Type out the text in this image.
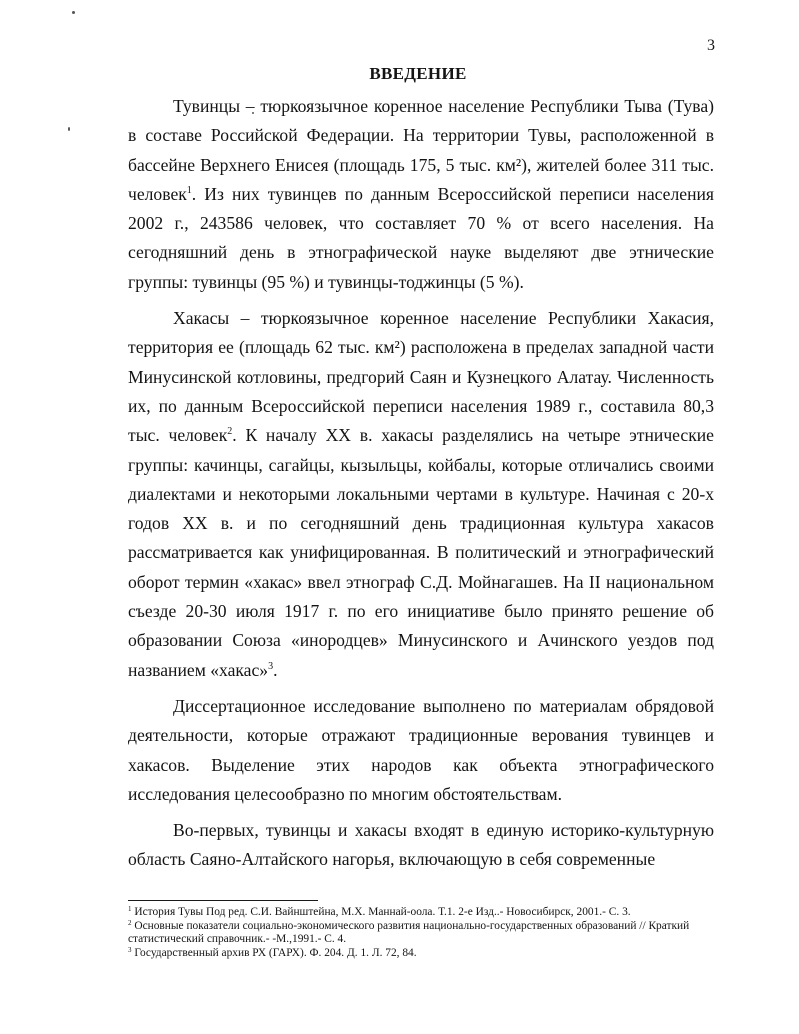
3
ВВЕДЕНИЕ

Тувинцы – тюркоязычное коренное население Республики Тыва (Тува) в составе Российской Федерации. На территории Тувы, расположенной в бассейне Верхнего Енисея (площадь 175, 5 тыс. км²), жителей более 311 тыс. человек$^1$. Из них тувинцев по данным Всероссийской переписи населения 2002 г., 243586 человек, что составляет 70 % от всего населения. На сегодняшний день в этнографической науке выделяют две этнические группы: тувинцы (95 %) и тувинцы-тоджинцы (5 %).

Хакасы – тюркоязычное коренное население Республики Хакасия, территория ее (площадь 62 тыс. км²) расположена в пределах западной части Минусинской котловины, предгорий Саян и Кузнецкого Алатау. Численность их, по данным Всероссийской переписи населения 1989 г., составила 80,3 тыс. человек$^2$. К началу XX в. хакасы разделялись на четыре этнические группы: качинцы, сагайцы, кызыльцы, койбалы, которые отличались своими диалектами и некоторыми локальными чертами в культуре. Начиная с 20-х годов XX в. и по сегодняшний день традиционная культура хакасов рассматривается как унифицированная. В политический и этнографический оборот термин «хакас» ввел этнограф С.Д. Мойнагашев. На II национальном съезде 20-30 июля 1917 г. по его инициативе было принято решение об образовании Союза «инородцев» Минусинского и Ачинского уездов под названием «хакас»$^3$.

Диссертационное исследование выполнено по материалам обрядовой деятельности, которые отражают традиционные верования тувинцев и хакасов. Выделение этих народов как объекта этнографического исследования целесообразно по многим обстоятельствам.

Во-первых, тувинцы и хакасы входят в единую историко-культурную область Саяно-Алтайского нагорья, включающую в себя современные

$^1$ История Тувы Под ред. С.И. Вайнштейна, М.Х. Маннай-оола. Т.1. 2-е Изд..- Новосибирск, 2001.- С. 3.

$^2$ Основные показатели социально-экономического развития национально-государственных образований // Краткий статистический справочник.- -М.,1991.- С. 4.

$^3$ Государственный архив РХ (ГАРХ). Ф. 204. Д. 1. Л. 72, 84.
